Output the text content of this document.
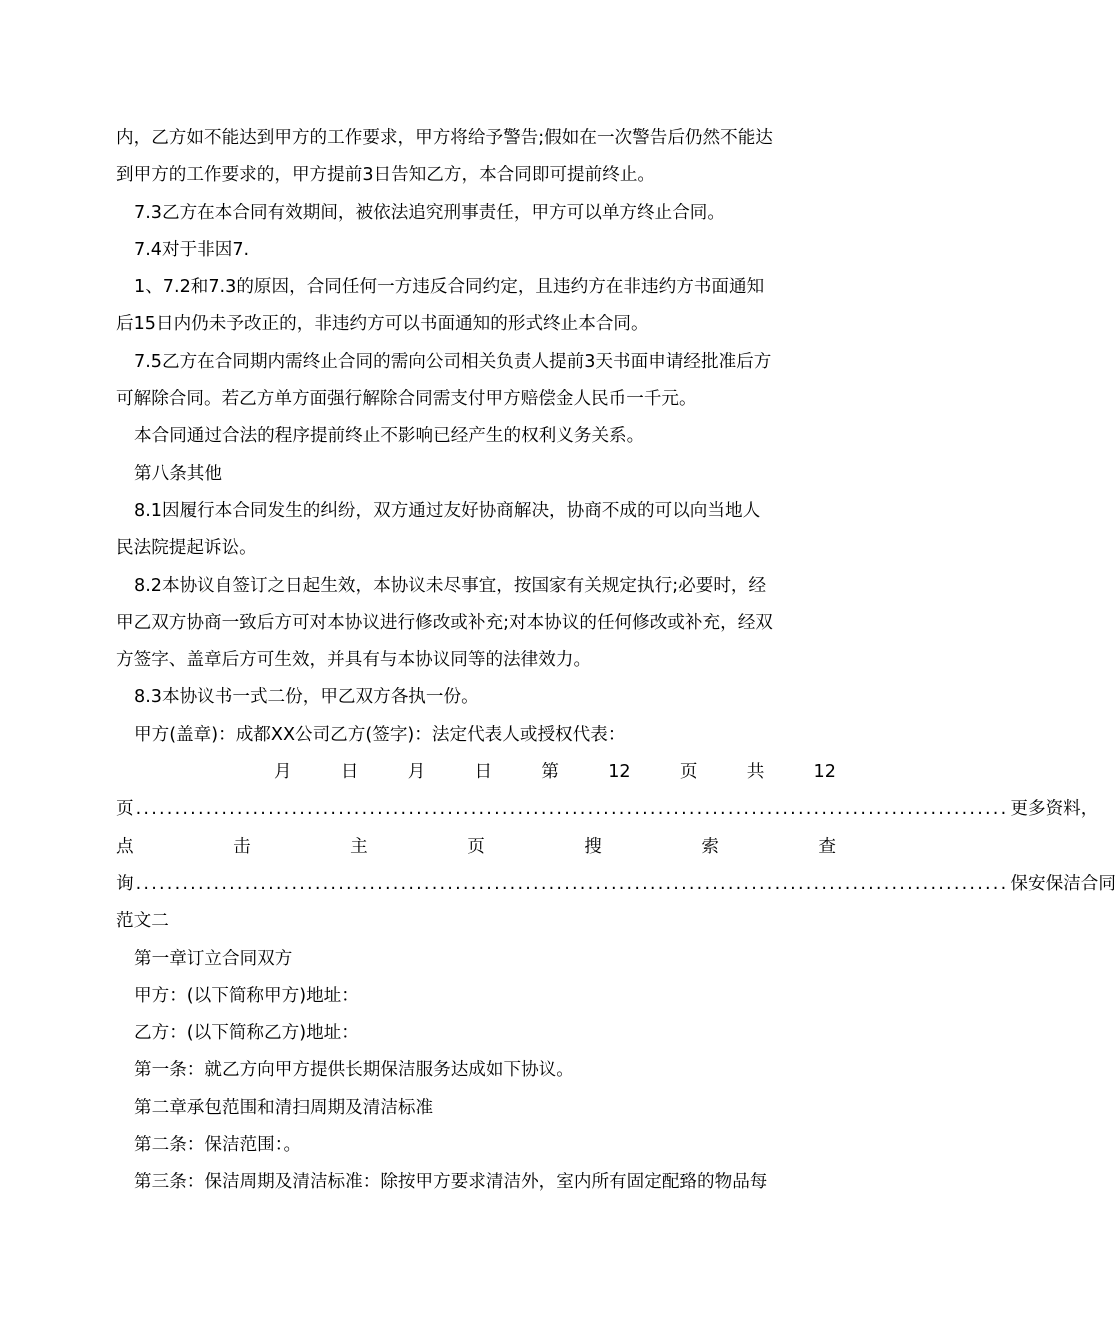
内，乙方如不能达到甲方的工作要求，甲方将给予警告;假如在一次警告后仍然不能达
到甲方的工作要求的，甲方提前3日告知乙方，本合同即可提前终止。
7.3乙方在本合同有效期间，被依法追究刑事责任，甲方可以单方终止合同。
7.4对于非因7.
1、7.2和7.3的原因，合同任何一方违反合同约定，且违约方在非违约方书面通知
后15日内仍未予改正的，非违约方可以书面通知的形式终止本合同。
7.5乙方在合同期内需终止合同的需向公司相关负责人提前3天书面申请经批准后方
可解除合同。若乙方单方面强行解除合同需支付甲方赔偿金人民币一千元。
本合同通过合法的程序提前终止不影响已经产生的权利义务关系。
第八条其他
8.1因履行本合同发生的纠纷，双方通过友好协商解决，协商不成的可以向当地人
民法院提起诉讼。
8.2本协议自签订之日起生效，本协议未尽事宜，按国家有关规定执行;必要时，经
甲乙双方协商一致后方可对本协议进行修改或补充;对本协议的任何修改或补充，经双
方签字、盖章后方可生效，并具有与本协议同等的法律效力。
8.3本协议书一式二份，甲乙双方各执一份。
甲方(盖章)：成都XX公司乙方(签字)：法定代表人或授权代表：
月	日	月	日	第	12	页	共	12
页 ................................................................................................................ 更多资料，
点	击	主	页	搜	索	查
询 ................................................................................................................ 保安保洁合同
范文二
第一章订立合同双方
甲方：(以下简称甲方)地址：
乙方：(以下简称乙方)地址：
第一条：就乙方向甲方提供长期保洁服务达成如下协议。
第二章承包范围和清扫周期及清洁标准
第二条：保洁范围：。
第三条：保洁周期及清洁标准：除按甲方要求清洁外，室内所有固定配臵的物品每
